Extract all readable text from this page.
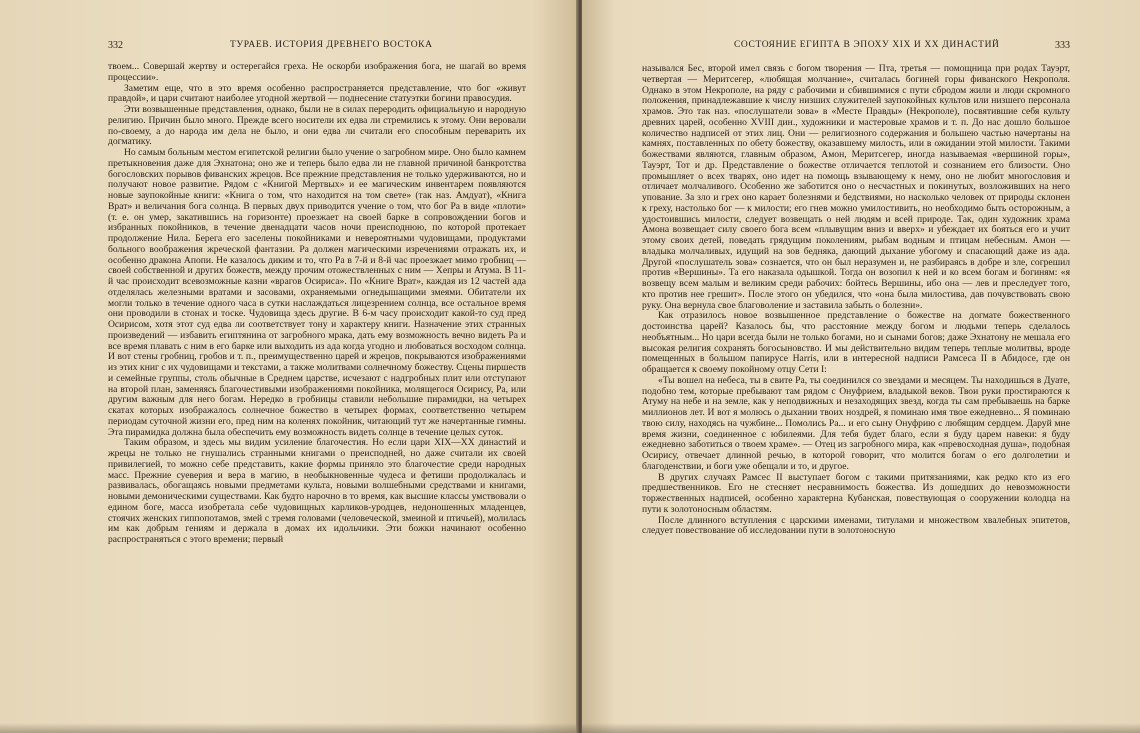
332	ТУРАЕВ. ИСТОРИЯ ДРЕВНЕГО ВОСТОКА

твоем... Совершай жертву и остерегайся греха. Не оскорби изображения бога, не шагай во время процессии».

Заметим еще, что в это время особенно распространяется представление, что бог «живут правдой», и цари считают наиболее угодной жертвой — поднесение статуэтки богини правосудия.

Эти возвышенные представления, однако, были не в силах переродить официальную и народную религию. Причин было много. Прежде всего носители их едва ли стремились к этому. Они веровали по-своему, а до народа им дела не было, и они едва ли считали его способным переварить их догматику.

Но самым больным местом египетской религии было учение о загробном мире. Оно было камнем претыкновения даже для Эхнатона; оно же и теперь было едва ли не главной причиной банкротства богословских порывов фиванских жрецов. Все прежние представления не только удерживаются, но и получают новое развитие. Рядом с «Книгой Мертвых» и ее магическим инвентарем появляются новые заупокойные книги: «Книга о том, что находится на том свете» (так наз. Амдуат), «Книга Врат» и величания бога солнца. В первых двух приводится учение о том, что бог Ра в виде «плоти» (т. е. он умер, закатившись на горизонте) проезжает на своей барке в сопровождении богов и избранных покойников, в течение двенадцати часов ночи преисподнюю, по которой протекает продолжение Нила. Берега его заселены покойниками и невероятными чудовищами, продуктами больного воображения жреческой фантазии. Ра должен магическими изречениями отражать их, и особенно дракона Апопи. Не казалось диким и то, что Ра в 7-й и 8-й час проезжает мимо гробниц — своей собственной и других божеств, между прочим отожествленных с ним — Хепры и Атума. В 11-й час происходит всевозможные казни «врагов Осириса». По «Книге Врат», каждая из 12 частей ада отделялась железными вратами и засовами, охраняемыми огнедышащими змеями. Обитатели их могли только в течение одного часа в сутки наслаждаться лицезрением солнца, все остальное время они проводили в стонах и тоске. Чудовища здесь другие. В 6-м часу происходит какой-то суд пред Осирисом, хотя этот суд едва ли соответствует тону и характеру книги. Назначение этих странных произведений — избавить египтянина от загробного мрака, дать ему возможность вечно видеть Ра и все время плавать с ним в его барке или выходить из ада когда угодно и любоваться восходом солнца. И вот стены гробниц, гробов и т. п., преимущественно царей и жрецов, покрываются изображениями из этих книг с их чудовищами и текстами, а также молитвами солнечному божеству. Сцены пиршеств и семейные группы, столь обычные в Среднем царстве, исчезают с надгробных плит или отступают на второй план, заменяясь благочестивыми изображениями покойника, молящегося Осирису, Ра, или другим важным для него богам. Нередко в гробницы ставили небольшие пирамидки, на четырех скатах которых изображалось солнечное божество в четырех формах, соответственно четырем периодам суточной жизни его, пред ним на коленях покойник, читающий тут же начертанные гимны. Эта пирамидка должна была обеспечить ему возможность видеть солнце в течение целых суток.

Таким образом, и здесь мы видим усиление благочестия. Но если цари XIX—XX династий и жрецы не только не гнушались странными книгами о преисподней, но даже считали их своей привилегией, то можно себе представить, какие формы приняло это благочестие среди народных масс. Прежние суеверия и вера в магию, в необыкновенные чудеса и фетиши продолжалась и развивалась, обогащаясь новыми предметами культа, новыми волшебными средствами и книгами, новыми демоническими существами. Как будто нарочно в то время, как высшие классы умствовали о едином боге, масса изобретала себе чудовищных карликов-уродцев, недоношенных младенцев, стоячих женских гиппопотамов, змей с тремя головами (человеческой, змеиной и птичьей), молилась им как добрым гениям и держала в домах их идольчики. Эти божки начинают особенно распространяться с этого времени; первый

СОСТОЯНИЕ ЕГИПТА В ЭПОХУ XIX И XX ДИНАСТИЙ	333

назывался Бес, второй имел связь с богом творения — Пта, третья — помощница при родах Тауэрт, четвертая — Меритсегер, «любящая молчание», считалась богиней горы фиванского Некрополя. Однако в этом Некрополе, на ряду с рабочими и сбившимися с пути сбродом жили и люди скромного положения, принадлежавшие к числу низших служителей заупокойных культов или низшего персонала храмов. Это так наз. «послушатели зова» в «Месте Правды» (Некрополе), посвятившие себя культу древних царей, особенно XVIII дин., художники и мастеровые храмов и т. п. До нас дошло большое количество надписей от этих лиц. Они — религиозного содержания и большею частью начертаны на камнях, поставленных по обету божеству, оказавшему милость, или в ожидании этой милости. Такими божествами являются, главным образом, Амон, Меритсегер, иногда называемая «вершиной горы», Тауэрт, Тот и др. Представление о божестве отличается теплотой и сознанием его близости. Оно промышляет о всех тварях, оно идет на помощь взывающему к нему, оно не любит многословия и отличает молчаливого. Особенно же заботится оно о несчастных и покинутых, возложивших на него упование. За зло и грех оно карает болезнями и бедствиями, но насколько человек от природы склонен к греху, настолько бог — к милости; его гнев можно умилостивить, но необходимо быть осторожным, а удостоившись милости, следует возвещать о ней людям и всей природе. Так, один художник храма Амона возвещает силу своего бога всем «плывущим вниз и вверх» и убеждает их бояться его и учит этому своих детей, поведать грядущим поколениям, рыбам водным и птицам небесным. Амон — владыка молчаливых, идущий на зов бедняка, дающий дыхание убогому и спасающий даже из ада. Другой «послушатель зова» сознается, что он был неразумен и, не разбираясь в добре и зле, согрешил против «Вершины». Та его наказала одышкой. Тогда он возопил к ней и ко всем богам и богиням: «я возвещу всем малым и великим среди рабочих: бойтесь Вершины, ибо она — лев и преследует того, кто против нее грешит». После этого он убедился, что «она была милостива, дав почувствовать свою руку. Она вернула свое благоволение и заставила забыть о болезни».

Как отразилось новое возвышенное представление о божестве на догмате божественного достоинства царей? Казалось бы, что расстояние между богом и людьми теперь сделалось необъятным... Но цари всегда были не только богами, но и сынами богов; даже Эхнатону не мешала его высокая религия сохранять богосыновство. И мы действительно видим теперь теплые молитвы, вроде помещенных в большом папирусе Harris, или в интересной надписи Рамсеса II в Абидосе, где он обращается к своему покойному отцу Сети I:

«Ты вошел на небеса, ты в свите Ра, ты соединился со звездами и месяцем. Ты находишься в Дуате, подобно тем, которые пребывают там рядом с Онуфрием, владыкой веков. Твои руки простираются к Атуму на небе и на земле, как у неподвижных и незаходящих звезд, когда ты сам пребываешь на барке миллионов лет. И вот я молюсь о дыхании твоих ноздрей, я поминаю имя твое ежедневно... Я поминаю твою силу, находясь на чужбине... Помолись Ра... и его сыну Онуфрию с любящим сердцем. Даруй мне время жизни, соединенное с юбилеями. Для тебя будет благо, если я буду царем навеки: я буду ежедневно заботиться о твоем храме». — Отец из загробного мира, как «превосходная душа», подобная Осирису, отвечает длинной речью, в которой говорит, что молится богам о его долголетии и благоденствии, и боги уже обещали и то, и другое.

В других случаях Рамсес II выступает богом с такими притязаниями, как редко кто из его предшественников. Его не стесняет несравнимость божества. Из дошедших до невозможности торжественных надписей, особенно характерна Кубанская, повествующая о сооружении колодца на пути к золотоносным областям.

После длинного вступления с царскими именами, титулами и множеством хвалебных эпитетов, следует повествование об исследовании пути в золотоносную
